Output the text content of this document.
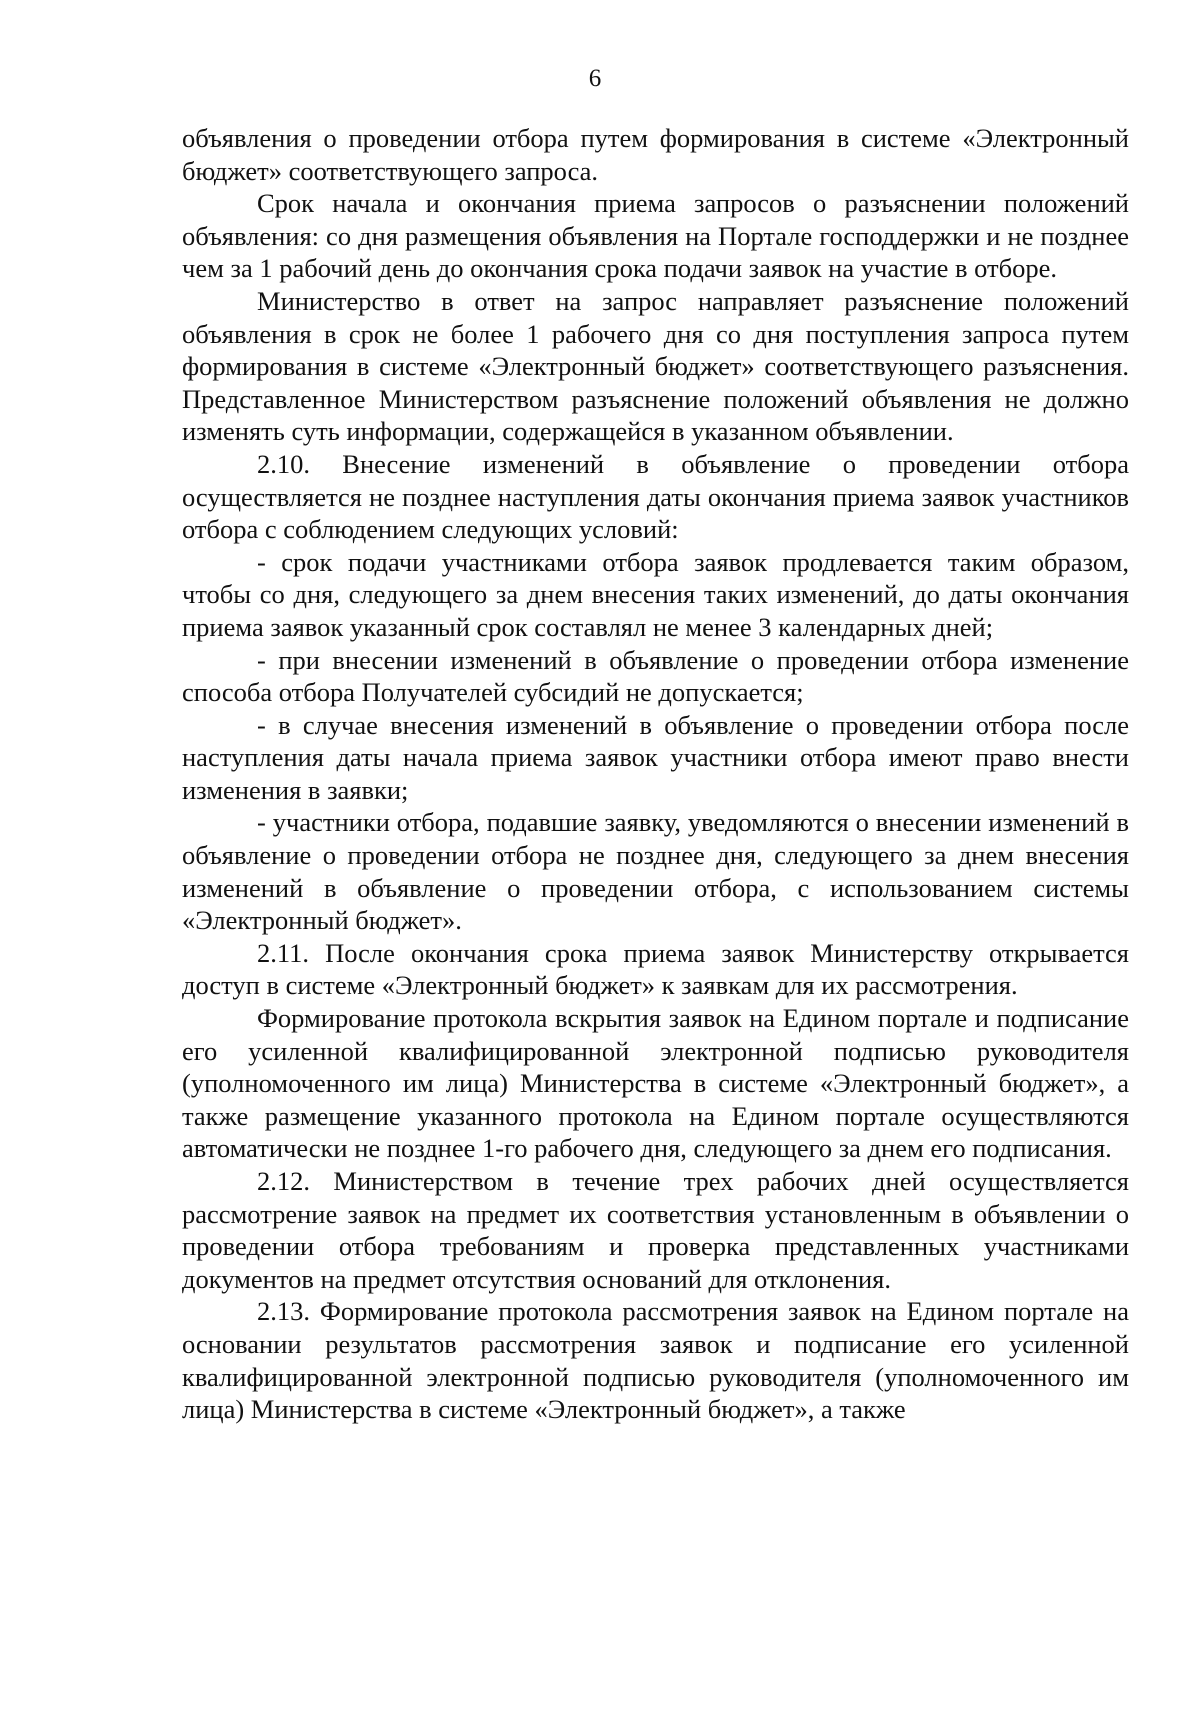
6

объявления о проведении отбора путем формирования в системе «Электронный бюджет» соответствующего запроса.

Срок начала и окончания приема запросов о разъяснении положений объявления: со дня размещения объявления на Портале господдержки и не позднее чем за 1 рабочий день до окончания срока подачи заявок на участие в отборе.

Министерство в ответ на запрос направляет разъяснение положений объявления в срок не более 1 рабочего дня со дня поступления запроса путем формирования в системе «Электронный бюджет» соответствующего разъяснения. Представленное Министерством разъяснение положений объявления не должно изменять суть информации, содержащейся в указанном объявлении.

2.10. Внесение изменений в объявление о проведении отбора осуществляется не позднее наступления даты окончания приема заявок участников отбора с соблюдением следующих условий:

- срок подачи участниками отбора заявок продлевается таким образом, чтобы со дня, следующего за днем внесения таких изменений, до даты окончания приема заявок указанный срок составлял не менее 3 календарных дней;

- при внесении изменений в объявление о проведении отбора изменение способа отбора Получателей субсидий не допускается;

- в случае внесения изменений в объявление о проведении отбора после наступления даты начала приема заявок участники отбора имеют право внести изменения в заявки;

- участники отбора, подавшие заявку, уведомляются о внесении изменений в объявление о проведении отбора не позднее дня, следующего за днем внесения изменений в объявление о проведении отбора, с использованием системы «Электронный бюджет».

2.11. После окончания срока приема заявок Министерству открывается доступ в системе «Электронный бюджет» к заявкам для их рассмотрения.

Формирование протокола вскрытия заявок на Едином портале и подписание его усиленной квалифицированной электронной подписью руководителя (уполномоченного им лица) Министерства в системе «Электронный бюджет», а также размещение указанного протокола на Едином портале осуществляются автоматически не позднее 1-го рабочего дня, следующего за днем его подписания.

2.12. Министерством в течение трех рабочих дней осуществляется рассмотрение заявок на предмет их соответствия установленным в объявлении о проведении отбора требованиям и проверка представленных участниками документов на предмет отсутствия оснований для отклонения.

2.13. Формирование протокола рассмотрения заявок на Едином портале на основании результатов рассмотрения заявок и подписание его усиленной квалифицированной электронной подписью руководителя (уполномоченного им лица) Министерства в системе «Электронный бюджет», а также
